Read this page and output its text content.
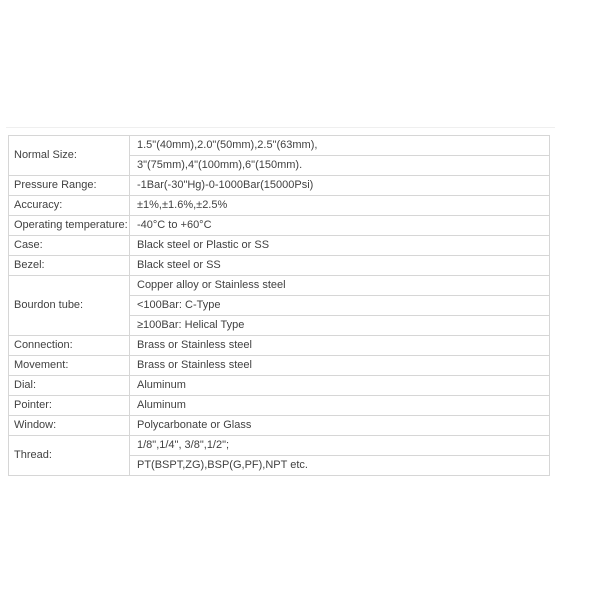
Normal Size:	1.5"(40mm),2.0"(50mm),2.5"(63mm),
	3"(75mm),4"(100mm),6"(150mm).
Pressure Range:	-1Bar(-30"Hg)-0-1000Bar(15000Psi)
Accuracy:	±1%,±1.6%,±2.5%
Operating temperature:	-40°C to +60°C
Case:	Black steel or Plastic or SS
Bezel:	Black steel or SS
Bourdon tube:	Copper alloy or Stainless steel
	<100Bar: C-Type
	≥100Bar: Helical Type
Connection:	Brass or Stainless steel
Movement:	Brass or Stainless steel
Dial:	Aluminum
Pointer:	Aluminum
Window:	Polycarbonate or Glass
Thread:	1/8",1/4", 3/8",1/2";
	PT(BSPT,ZG),BSP(G,PF),NPT etc.
